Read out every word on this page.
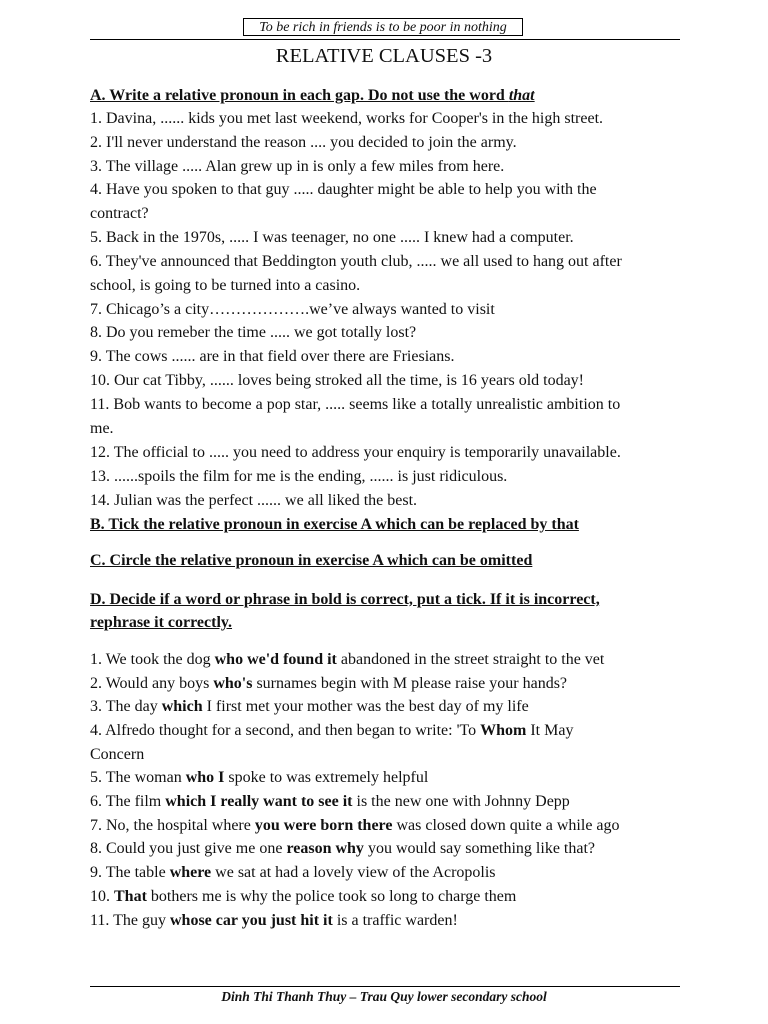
To be rich in friends is to be poor in nothing
RELATIVE CLAUSES -3
A. Write a relative pronoun in each gap. Do not use the word that
1. Davina, ...... kids you met last weekend, works for Cooper's in the high street.
2. I'll never understand the reason .... you decided to join the army.
3. The village ..... Alan grew up in is only a few miles from here.
4. Have you spoken to that guy ..... daughter might be able to help you with the
contract?
5. Back in the 1970s, ..... I was teenager, no one ..... I knew had a computer.
6. They've announced that Beddington youth club, ..... we all used to hang out after
school, is going to be turned into a casino.
7. Chicago’s a city……………….we’ve always wanted to visit
8. Do you remeber the time ..... we got totally lost?
9. The cows ...... are in that field over there are Friesians.
10. Our cat Tibby, ...... loves being stroked all the time, is 16 years old today!
11. Bob wants to become a pop star, ..... seems like a totally unrealistic ambition to
me.
12. The official to ..... you need to address your enquiry is temporarily unavailable.
13. ......spoils the film for me is the ending, ...... is just ridiculous.
14. Julian was the perfect ...... we all liked the best.
B. Tick the relative pronoun in exercise A which can be replaced by that
C. Circle the relative pronoun in exercise A which can be omitted
D. Decide if a word or phrase in bold is correct, put a tick. If it is incorrect,
rephrase it correctly.
1. We took the dog who we'd found it abandoned in the street straight to the vet
2. Would any boys who's surnames begin with M please raise your hands?
3. The day which I first met your mother was the best day of my life
4. Alfredo thought for a second, and then began to write: 'To Whom It May
Concern
5. The woman who I spoke to was extremely helpful
6. The film which I really want to see it is the new one with Johnny Depp
7. No, the hospital where you were born there was closed down quite a while ago
8. Could you just give me one reason why you would say something like that?
9. The table where we sat at had a lovely view of the Acropolis
10. That bothers me is why the police took so long to charge them
11. The guy whose car you just hit it is a traffic warden!
Dinh Thi Thanh Thuy – Trau Quy lower secondary school
